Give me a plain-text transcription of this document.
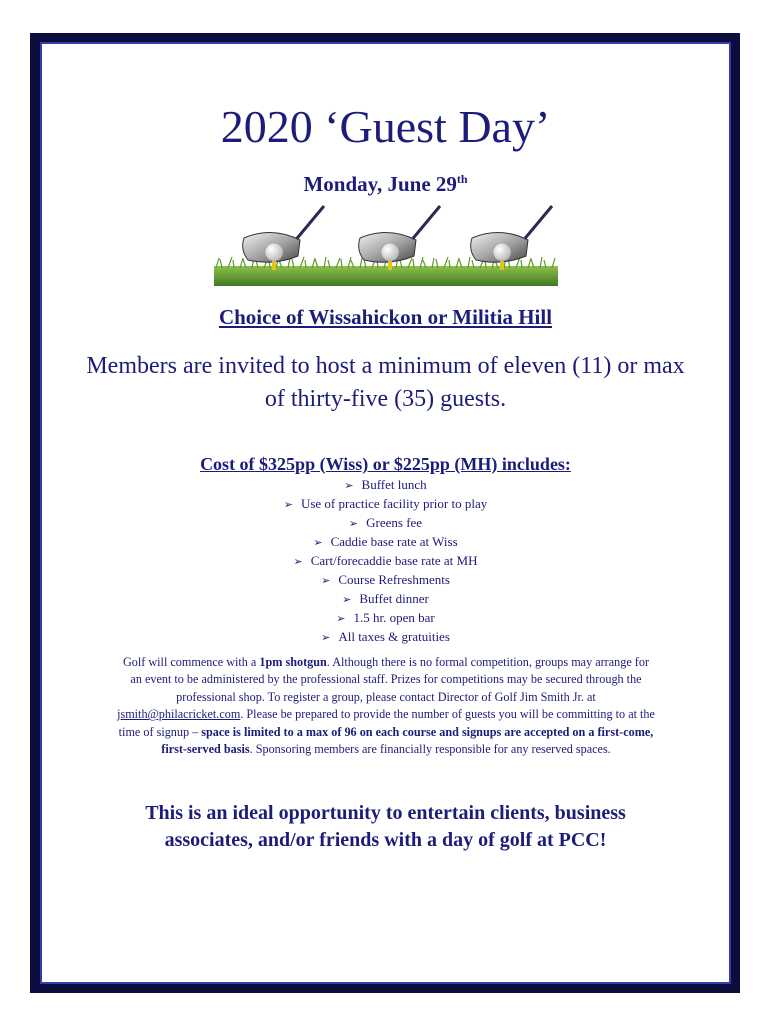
2020 ‘Guest Day’
Monday, June 29th
Choice of Wissahickon or Militia Hill
Members are invited to host a minimum of eleven (11) or max of thirty-five (35) guests.
Cost of $325pp (Wiss) or $225pp (MH) includes:
➢ Buffet lunch
➢ Use of practice facility prior to play
➢ Greens fee
➢ Caddie base rate at Wiss
➢ Cart/forecaddie base rate at MH
➢ Course Refreshments
➢ Buffet dinner
➢ 1.5 hr. open bar
➢ All taxes & gratuities
Golf will commence with a 1pm shotgun. Although there is no formal competition, groups may arrange for an event to be administered by the professional staff. Prizes for competitions may be secured through the professional shop. To register a group, please contact Director of Golf Jim Smith Jr. at jsmith@philacricket.com. Please be prepared to provide the number of guests you will be committing to at the time of signup – space is limited to a max of 96 on each course and signups are accepted on a first-come, first-served basis. Sponsoring members are financially responsible for any reserved spaces.
This is an ideal opportunity to entertain clients, business associates, and/or friends with a day of golf at PCC!
